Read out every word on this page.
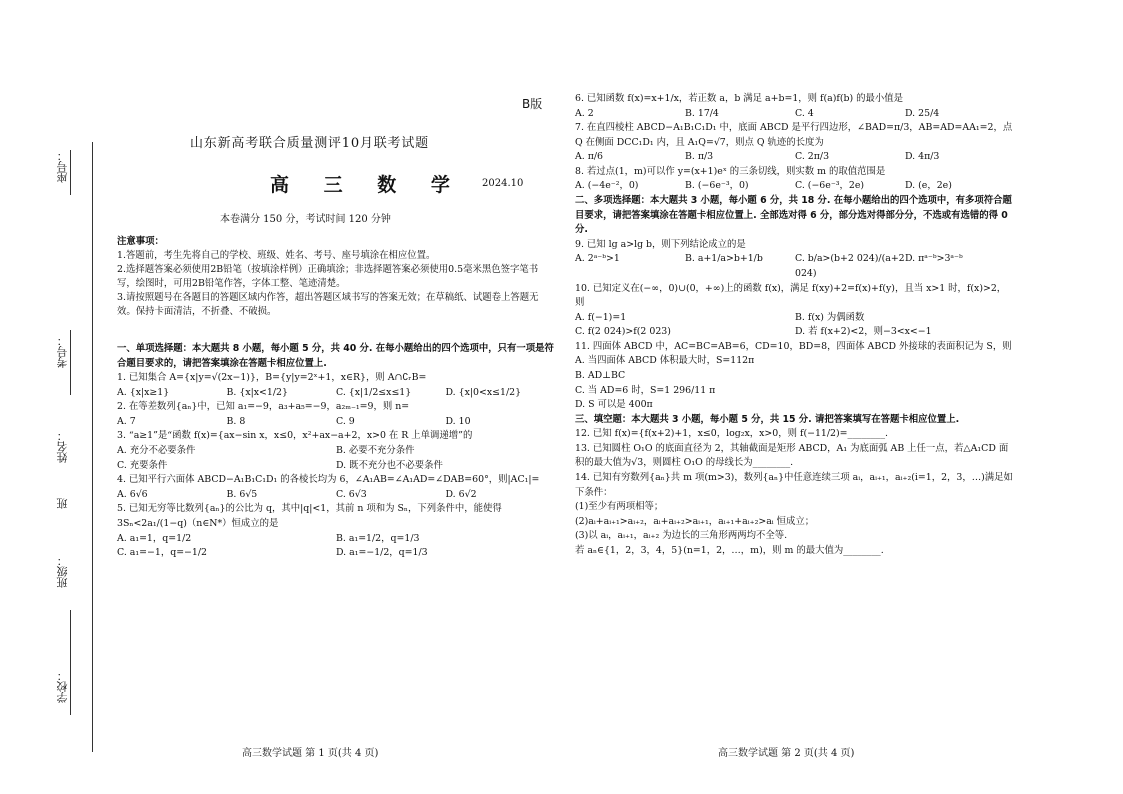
座号：
考号：
姓名：
班
班级：
学校：
B版
山东新高考联合质量测评10月联考试题
高 三 数 学 2024.10
本卷满分 150 分，考试时间 120 分钟
注意事项：
1.答题前，考生先将自己的学校、班级、姓名、考号、座号填涂在相应位置。
2.选择题答案必须使用2B铅笔（按填涂样例）正确填涂；非选择题答案必须使用0.5毫米黑色签字笔书写，绘图时，可用2B铅笔作答，字体工整、笔迹清楚。
3.请按照题号在各题目的答题区域内作答，超出答题区域书写的答案无效；在草稿纸、试题卷上答题无效。保持卡面清洁，不折叠、不破损。
一、单项选择题：本大题共 8 小题，每小题 5 分，共 40 分. 在每小题给出的四个选项中，只有一项是符合题目要求的，请把答案填涂在答题卡相应位置上.
1. 已知集合 A={x|y=√(2x−1)}，B={y|y=2ˣ+1，x∈R}，则 A∩∁ᵣB=
A. {x|x≥1}	B. {x|x<1/2}	C. {x|1/2≤x≤1}	D. {x|0<x≤1/2}
2. 在等差数列{aₙ}中，已知 a₁=−9，a₃+a₅=−9，a₂ₘ₋₁=9，则 n=
A. 7	B. 8	C. 9	D. 10
3. “a≥1”是“函数 f(x)={ax−sin x，x≤0，x²+ax−a+2，x>0 在 R 上单调递增”的
A. 充分不必要条件	B. 必要不充分条件
C. 充要条件	D. 既不充分也不必要条件
4. 已知平行六面体 ABCD−A₁B₁C₁D₁ 的各棱长均为 6，∠A₁AB=∠A₁AD=∠DAB=60°，则|AC₁|=
A. 6√6	B. 6√5	C. 6√3	D. 6√2
5. 已知无穷等比数列{aₙ}的公比为 q，其中|q|<1，其前 n 项和为 Sₙ，下列条件中，能使得 3Sₙ<2a₁/(1−q)（n∈N*）恒成立的是
A. a₁=1，q=1/2	B. a₁=1/2，q=1/3
C. a₁=−1，q=−1/2	D. a₁=−1/2，q=1/3
6. 已知函数 f(x)=x+1/x，若正数 a，b 满足 a+b=1，则 f(a)f(b) 的最小值是
A. 2	B. 17/4	C. 4	D. 25/4
7. 在直四棱柱 ABCD−A₁B₁C₁D₁ 中，底面 ABCD 是平行四边形，∠BAD=π/3，AB=AD=AA₁=2，点 Q 在侧面 DCC₁D₁ 内，且 A₁Q=√7，则点 Q 轨迹的长度为
A. π/6	B. π/3	C. 2π/3	D. 4π/3
8. 若过点(1，m)可以作 y=(x+1)eˣ 的三条切线，则实数 m 的取值范围是
A. (−4e⁻²，0)	B. (−6e⁻³，0)	C. (−6e⁻³，2e)	D. (e，2e)
二、多项选择题：本大题共 3 小题，每小题 6 分，共 18 分. 在每小题给出的四个选项中，有多项符合题目要求，请把答案填涂在答题卡相应位置上. 全部选对得 6 分，部分选对得部分分，不选或有选错的得 0 分.
9. 已知 lg a>lg b，则下列结论成立的是
A. 2ᵃ⁻ᵇ>1	B. a+1/a>b+1/b	C. b/a>(b+2 024)/(a+2 024)
D. πᵃ⁻ᵇ>3ᵃ⁻ᵇ
10. 已知定义在(−∞，0)∪(0，+∞)上的函数 f(x)，满足 f(xy)+2=f(x)+f(y)，且当 x>1 时，f(x)>2，则
A. f(−1)=1	B. f(x) 为偶函数
C. f(2 024)>f(2 023)	D. 若 f(x+2)<2，则−3<x<−1
11. 四面体 ABCD 中，AC=BC=AB=6，CD=10，BD=8，四面体 ABCD 外接球的表面积记为 S，则
A. 当四面体 ABCD 体积最大时，S=112π
B. AD⊥BC
C. 当 AD=6 时，S=1 296/11 π
D. S 可以是 400π
三、填空题：本大题共 3 小题，每小题 5 分，共 15 分. 请把答案填写在答题卡相应位置上.
12. 已知 f(x)={f(x+2)+1，x≤0，log₂x，x>0，则 f(−11/2)=________.
13. 已知圆柱 O₁O 的底面直径为 2，其轴截面是矩形 ABCD，A₁ 为底面弧 AB 上任一点，若△A₁CD 面积的最大值为√3，则圆柱 O₁O 的母线长为________.
14. 已知有穷数列{aₙ}共 m 项(m>3)，数列{aₙ}中任意连续三项 aᵢ，aᵢ₊₁，aᵢ₊₂(i=1，2，3，…)满足如下条件：
(1)至少有两项相等；
(2)aᵢ+aᵢ₊₁>aᵢ₊₂，aᵢ+aᵢ₊₂>aᵢ₊₁，aᵢ₊₁+aᵢ₊₂>aᵢ 恒成立；
(3)以 aᵢ，aᵢ₊₁，aᵢ₊₂ 为边长的三角形两两均不全等.
若 aₙ∈{1，2，3，4，5}(n=1，2，…，m)，则 m 的最大值为________.
高三数学试题 第 1 页(共 4 页)	高三数学试题 第 2 页(共 4 页)
